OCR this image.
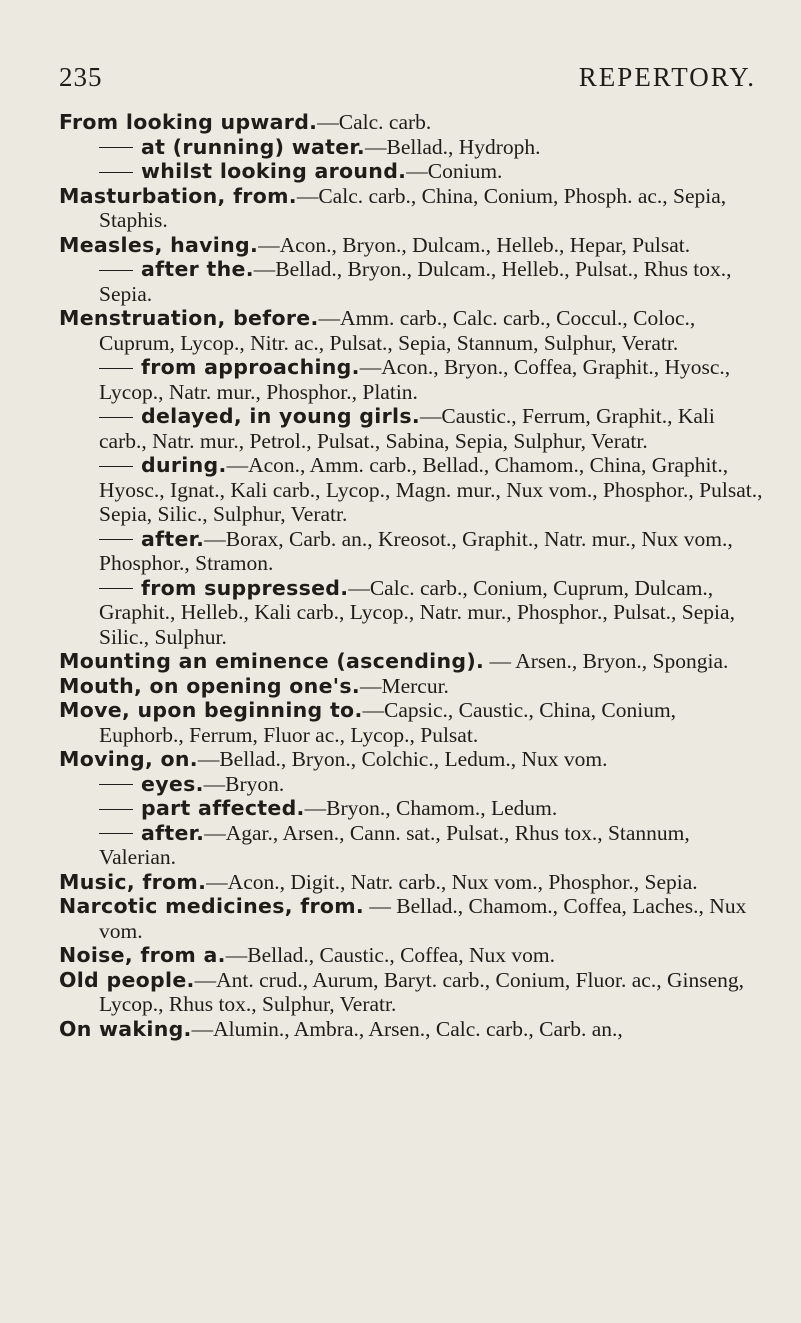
235	REPERTORY.
From looking upward.—Calc. carb.
at (running) water.—Bellad., Hydroph.
whilst looking around.—Conium.
Masturbation, from.—Calc. carb., China, Conium, Phosph. ac., Sepia, Staphis.
Measles, having.—Acon., Bryon., Dulcam., Helleb., Hepar, Pulsat.
after the.—Bellad., Bryon., Dulcam., Helleb., Pulsat., Rhus tox., Sepia.
Menstruation, before.—Amm. carb., Calc. carb., Coccul., Coloc., Cuprum, Lycop., Nitr. ac., Pulsat., Sepia, Stannum, Sulphur, Veratr.
from approaching.—Acon., Bryon., Coffea, Graphit., Hyosc., Lycop., Natr. mur., Phosphor., Platin.
delayed, in young girls.—Caustic., Ferrum, Graphit., Kali carb., Natr. mur., Petrol., Pulsat., Sabina, Sepia, Sulphur, Veratr.
during.—Acon., Amm. carb., Bellad., Chamom., China, Graphit., Hyosc., Ignat., Kali carb., Lycop., Magn. mur., Nux vom., Phosphor., Pulsat., Sepia, Silic., Sulphur, Veratr.
after.—Borax, Carb. an., Kreosot., Graphit., Natr. mur., Nux vom., Phosphor., Stramon.
from suppressed.—Calc. carb., Conium, Cuprum, Dulcam., Graphit., Helleb., Kali carb., Lycop., Natr. mur., Phosphor., Pulsat., Sepia, Silic., Sulphur.
Mounting an eminence (ascending). — Arsen., Bryon., Spongia.
Mouth, on opening one's.—Mercur.
Move, upon beginning to.—Capsic., Caustic., China, Conium, Euphorb., Ferrum, Fluor ac., Lycop., Pulsat.
Moving, on.—Bellad., Bryon., Colchic., Ledum., Nux vom.
eyes.—Bryon.
part affected.—Bryon., Chamom., Ledum.
after.—Agar., Arsen., Cann. sat., Pulsat., Rhus tox., Stannum, Valerian.
Music, from.—Acon., Digit., Natr. carb., Nux vom., Phosphor., Sepia.
Narcotic medicines, from. — Bellad., Chamom., Coffea, Laches., Nux vom.
Noise, from a.—Bellad., Caustic., Coffea, Nux vom.
Old people.—Ant. crud., Aurum, Baryt. carb., Conium, Fluor. ac., Ginseng, Lycop., Rhus tox., Sulphur, Veratr.
On waking.—Alumin., Ambra., Arsen., Calc. carb., Carb. an.,
